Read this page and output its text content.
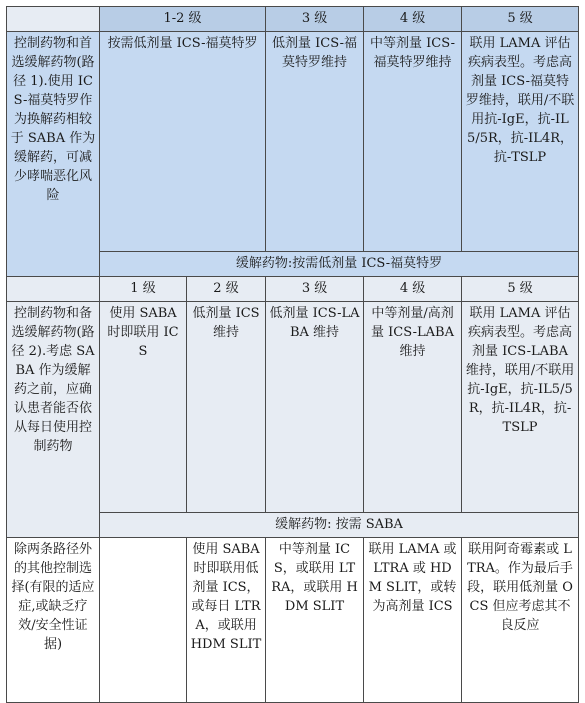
	1-2 级		3 级	4 级	5 级
控制药物和首选缓解药物(路径 1).使用 ICS-福莫特罗作为换解药相较于 SABA 作为缓解药，可减少哮喘恶化风险	按需低剂量 ICS-福莫特罗		低剂量 ICS-福莫特罗维持	中等剂量 ICS-福莫特罗维持	联用 LAMA 评估疾病表型。考虑高剂量 ICS-福莫特罗维持，联用/不联用抗-IgE，抗-IL5/5R，抗-IL4R，抗-TSLP
	缓解药物:按需低剂量 ICS-福莫特罗				
	1 级	2 级	3 级	4 级	5 级
控制药物和备选缓解药物(路径 2).考虑 SABA 作为缓解药之前，应确认患者能否依从每日使用控制药物	使用 SABA 时即联用 ICS	低剂量 ICS 维持	低剂量 ICS-LABA 维持	中等剂量/高剂量 ICS-LABA 维持	联用 LAMA 评估疾病表型。考虑高剂量 ICS-LABA 维持，联用/不联用抗-IgE，抗-IL5/5R，抗-IL4R，抗-TSLP
	缓解药物: 按需 SABA				
除两条路径外的其他控制选择(有限的适应症,或缺乏疗效/安全性证据)		使用 SABA 时即联用低剂量 ICS，或每日 LTRA，或联用 HDM SLIT	中等剂量 ICS，或联用 LTRA，或联用 HDM SLIT	联用 LAMA 或 LTRA 或 HDM SLIT，或转为高剂量 ICS	联用阿奇霉素或 LTRA。作为最后手段，联用低剂量 OCS 但应考虑其不良反应
